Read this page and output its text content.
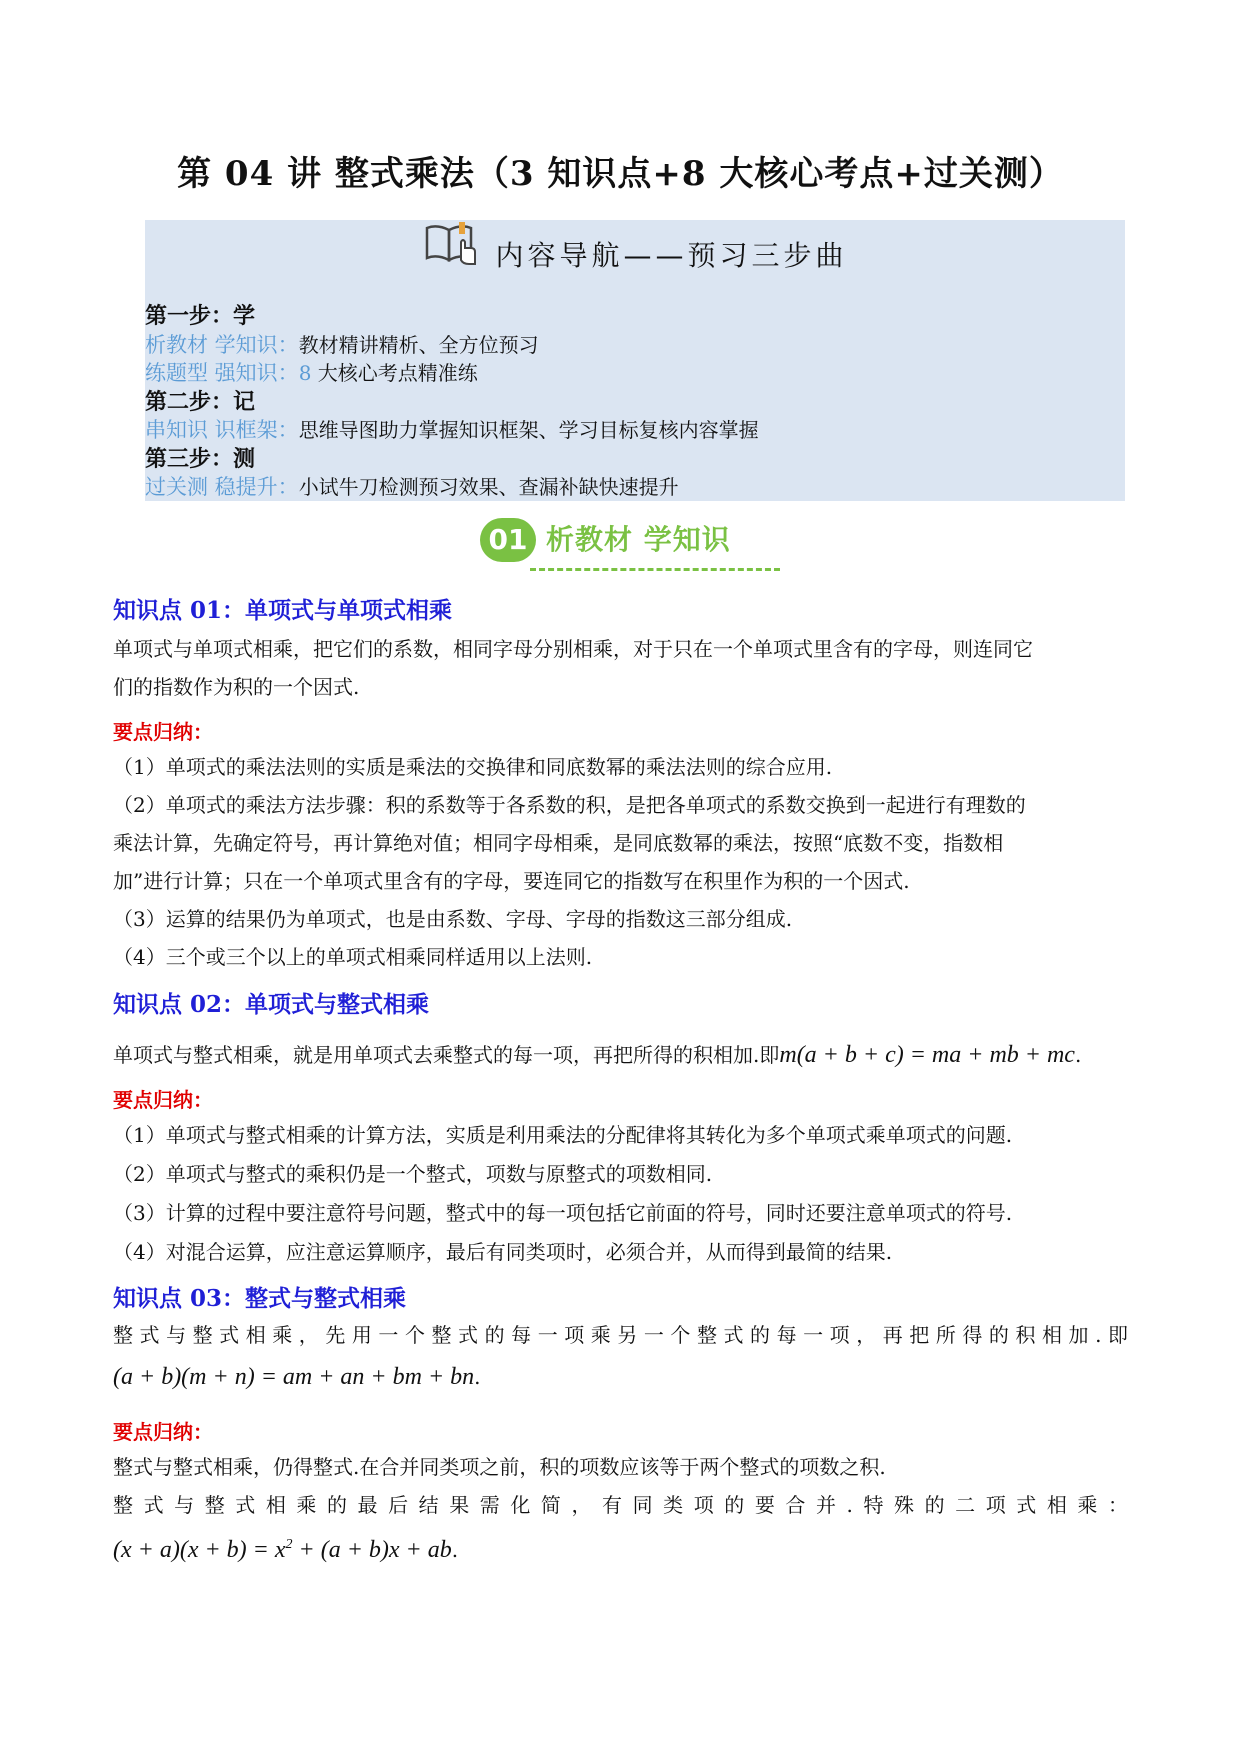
第 04 讲 整式乘法（3 知识点+8 大核心考点+过关测）
内容导航——预习三步曲
第一步：学
析教材 学知识：教材精讲精析、全方位预习
练题型 强知识：8 大核心考点精准练
第二步：记
串知识 识框架：思维导图助力掌握知识框架、学习目标复核内容掌握
第三步：测
过关测 稳提升：小试牛刀检测预习效果、查漏补缺快速提升
01 析教材 学知识
知识点 01：单项式与单项式相乘
单项式与单项式相乘，把它们的系数，相同字母分别相乘，对于只在一个单项式里含有的字母，则连同它
们的指数作为积的一个因式.
要点归纳：
（1）单项式的乘法法则的实质是乘法的交换律和同底数幂的乘法法则的综合应用.
（2）单项式的乘法方法步骤：积的系数等于各系数的积，是把各单项式的系数交换到一起进行有理数的
乘法计算，先确定符号，再计算绝对值；相同字母相乘，是同底数幂的乘法，按照“底数不变，指数相
加”进行计算；只在一个单项式里含有的字母，要连同它的指数写在积里作为积的一个因式.
（3）运算的结果仍为单项式，也是由系数、字母、字母的指数这三部分组成.
（4）三个或三个以上的单项式相乘同样适用以上法则.
知识点 02：单项式与整式相乘
单项式与整式相乘，就是用单项式去乘整式的每一项，再把所得的积相加.即m(a + b + c) = ma + mb + mc.
要点归纳：
（1）单项式与整式相乘的计算方法，实质是利用乘法的分配律将其转化为多个单项式乘单项式的问题.
（2）单项式与整式的乘积仍是一个整式，项数与原整式的项数相同.
（3）计算的过程中要注意符号问题，整式中的每一项包括它前面的符号，同时还要注意单项式的符号.
（4）对混合运算，应注意运算顺序，最后有同类项时，必须合并，从而得到最简的结果.
知识点 03：整式与整式相乘
整式与整式相乘，先用一个整式的每一项乘另一个整式的每一项，再把所得的积相加.即
(a + b)(m + n) = am + an + bm + bn.
要点归纳：
整式与整式相乘，仍得整式.在合并同类项之前，积的项数应该等于两个整式的项数之积.
整式与整式相乘的最后结果需化简，有同类项的要合并.特殊的二项式相乘：
$(x + a)(x + b) = x^2 + (a + b)x$ + ab.
